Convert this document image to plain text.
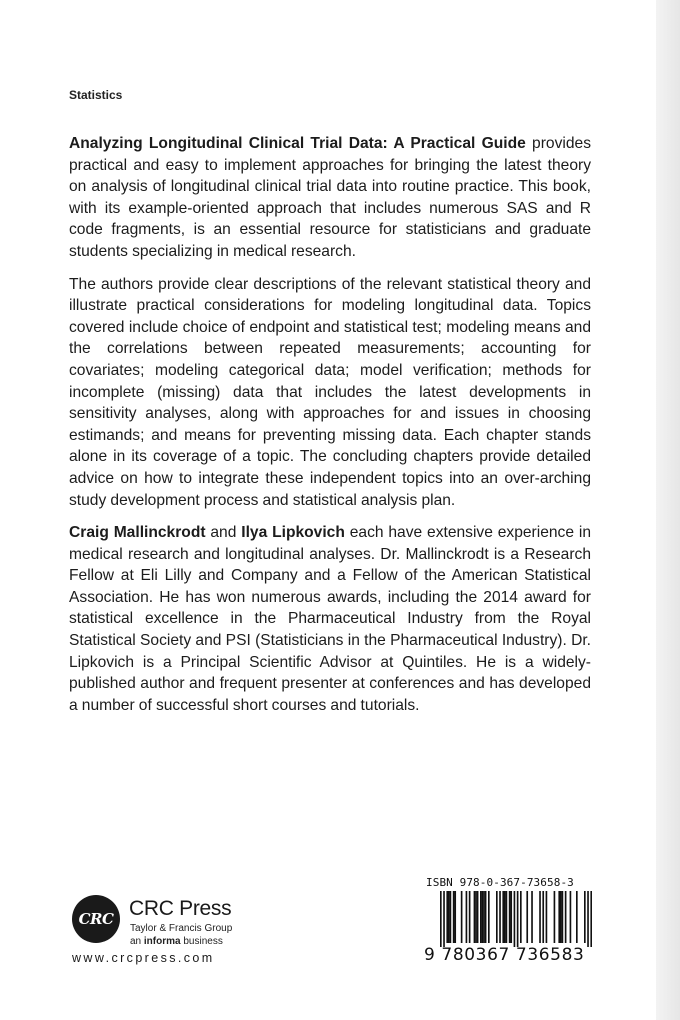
Statistics

Analyzing Longitudinal Clinical Trial Data: A Practical Guide provides practical and easy to implement approaches for bringing the latest theory on analysis of longitudinal clinical trial data into routine practice. This book, with its example-oriented approach that includes numerous SAS and R code fragments, is an essential resource for statisticians and graduate students specializing in medical research.

The authors provide clear descriptions of the relevant statistical theory and illustrate practical considerations for modeling longitudinal data. Topics covered include choice of endpoint and statistical test; modeling means and the correlations between repeated measurements; accounting for covariates; modeling categorical data; model verification; methods for incomplete (missing) data that includes the latest developments in sensitivity analyses, along with approaches for and issues in choosing estimands; and means for preventing missing data. Each chapter stands alone in its coverage of a topic. The concluding chapters provide detailed advice on how to integrate these independent topics into an over-arching study development process and statistical analysis plan.

Craig Mallinckrodt and Ilya Lipkovich each have extensive experience in medical research and longitudinal analyses. Dr. Mallinckrodt is a Research Fellow at Eli Lilly and Company and a Fellow of the American Statistical Association. He has won numerous awards, including the 2014 award for statistical excellence in the Pharmaceutical Industry from the Royal Statistical Society and PSI (Statisticians in the Pharmaceutical Industry). Dr. Lipkovich is a Principal Scientific Advisor at Quintiles. He is a widely-published author and frequent presenter at conferences and has developed a number of successful short courses and tutorials.

CRC CRC Press
Taylor & Francis Group
an informa business
www.crcpress.com
ISBN 978-0-367-73658-3
9 780367 736583
